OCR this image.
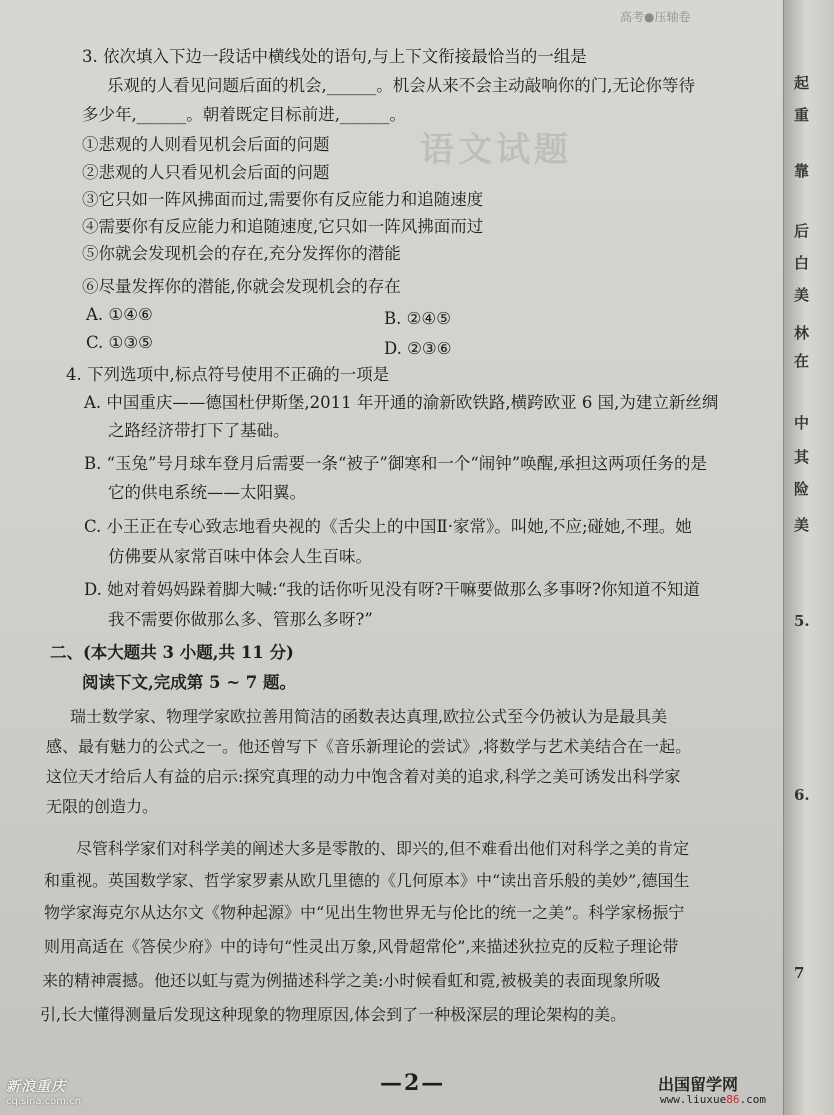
高考●压轴卷
语文试题
起
重
靠
后
白
美
林
在
中
其
险
美
5.
6.
7

3. 依次填入下边一段话中横线处的语句,与上下文衔接最恰当的一组是

乐观的人看见问题后面的机会,______。机会从来不会主动敲响你的门,无论你等待

多少年,______。朝着既定目标前进,______。

①悲观的人则看见机会后面的问题

②悲观的人只看见机会后面的问题

③它只如一阵风拂面而过,需要你有反应能力和追随速度

④需要你有反应能力和追随速度,它只如一阵风拂面而过

⑤你就会发现机会的存在,充分发挥你的潜能

⑥尽量发挥你的潜能,你就会发现机会的存在

A. ①④⑥	B. ②④⑤

C. ①③⑤	D. ②③⑥

4. 下列选项中,标点符号使用不正确的一项是

A. 中国重庆——德国杜伊斯堡,2011 年开通的渝新欧铁路,横跨欧亚 6 国,为建立新丝绸

之路经济带打下了基础。

B. “玉兔”号月球车登月后需要一条“被子”御寒和一个“闹钟”唤醒,承担这两项任务的是

它的供电系统——太阳翼。

C. 小王正在专心致志地看央视的《舌尖上的中国Ⅱ·家常》。叫她,不应;碰她,不理。她

仿佛要从家常百味中体会人生百味。

D. 她对着妈妈跺着脚大喊:“我的话你听见没有呀?干嘛要做那么多事呀?你知道不知道

我不需要你做那么多、管那么多呀?”

二、(本大题共 3 小题,共 11 分)

阅读下文,完成第 5 ~ 7 题。

瑞士数学家、物理学家欧拉善用简洁的函数表达真理,欧拉公式至今仍被认为是最具美

感、最有魅力的公式之一。他还曾写下《音乐新理论的尝试》,将数学与艺术美结合在一起。

这位天才给后人有益的启示:探究真理的动力中饱含着对美的追求,科学之美可诱发出科学家

无限的创造力。

尽管科学家们对科学美的阐述大多是零散的、即兴的,但不难看出他们对科学之美的肯定

和重视。英国数学家、哲学家罗素从欧几里德的《几何原本》中“读出音乐般的美妙”,德国生

物学家海克尔从达尔文《物种起源》中“见出生物世界无与伦比的统一之美”。科学家杨振宁

则用高适在《答侯少府》中的诗句“性灵出万象,风骨超常伦”,来描述狄拉克的反粒子理论带

来的精神震撼。他还以虹与霓为例描述科学之美:小时候看虹和霓,被极美的表面现象所吸

引,长大懂得测量后发现这种现象的物理原因,体会到了一种极深层的理论架构的美。

—2—
新浪重庆
cq.sina.com.cn
出国留学网
www.liuxue86.com
